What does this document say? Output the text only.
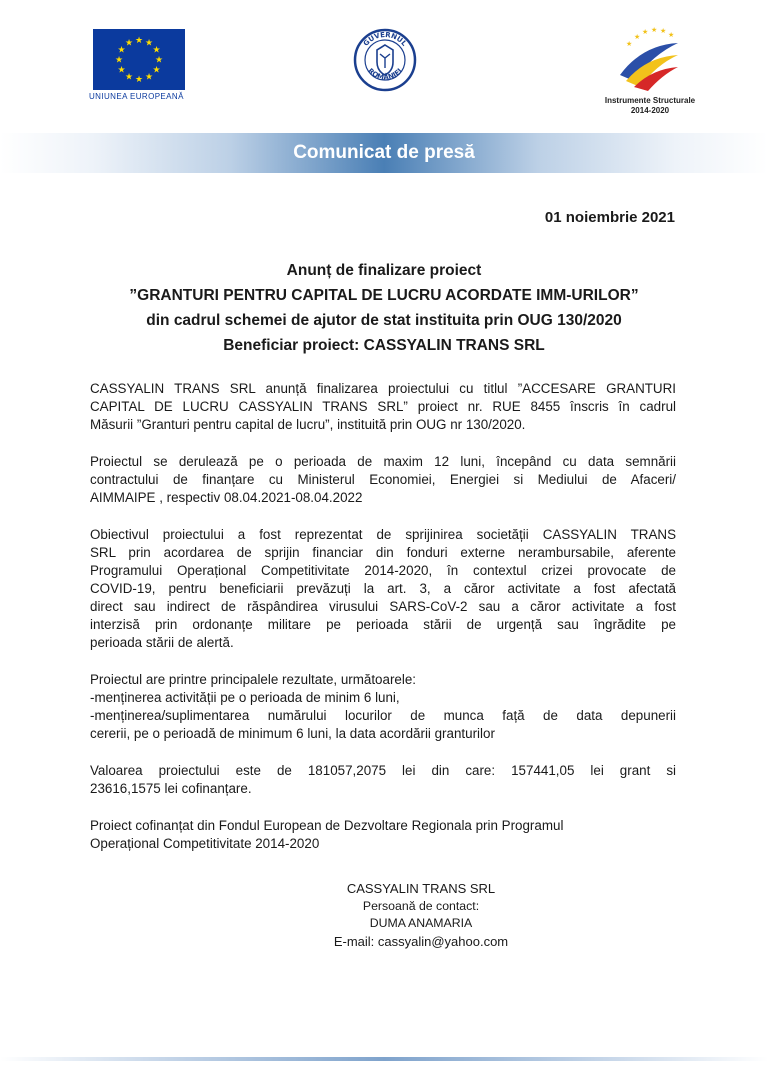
★ ★
★
★
★
★
★
★
★
★
★
★
UNIUNEA EUROPEANĂ
GUVERNUL
ROMÂNIEI
★
★ ★ ★ ★
★
Instrumente Structurale
2014-2020
Comunicat de presă
01 noiembrie 2021
Anunț de finalizare proiect
”GRANTURI PENTRU CAPITAL DE LUCRU ACORDATE IMM-URILOR”
din cadrul schemei de ajutor de stat instituita prin OUG 130/2020
Beneficiar proiect: CASSYALIN TRANS SRL
CASSYALIN TRANS SRL anunță finalizarea proiectului cu titlul ”ACCESARE GRANTURI
CAPITAL DE LUCRU CASSYALIN TRANS SRL” proiect nr. RUE 8455 înscris în cadrul
Măsurii ”Granturi pentru capital de lucru”, instituită prin OUG nr 130/2020.
Proiectul se derulează pe o perioada de maxim 12 luni, începând cu data semnării
contractului de finanțare cu Ministerul Economiei, Energiei si Mediului de Afaceri/
AIMMAIPE , respectiv 08.04.2021-08.04.2022
Obiectivul proiectului a fost reprezentat de sprijinirea societății CASSYALIN TRANS
SRL prin acordarea de sprijin financiar din fonduri externe nerambursabile, aferente
Programului Operațional Competitivitate 2014-2020, în contextul crizei provocate de
COVID-19, pentru beneficiarii prevăzuți la art. 3, a căror activitate a fost afectată
direct sau indirect de răspândirea virusului SARS-CoV-2 sau a căror activitate a fost
interzisă prin ordonanțe militare pe perioada stării de urgență sau îngrădite pe
perioada stării de alertă.
Proiectul are printre principalele rezultate, următoarele:
-menținerea activității pe o perioada de minim 6 luni,
-menținerea/suplimentarea numărului locurilor de munca față de data depunerii
cererii, pe o perioadă de minimum 6 luni, la data acordării granturilor
Valoarea proiectului este de 181057,2075 lei din care: 157441,05 lei grant si
23616,1575 lei cofinanțare.
Proiect cofinanțat din Fondul European de Dezvoltare Regionala prin Programul
Operațional Competitivitate 2014-2020
CASSYALIN TRANS SRL
Persoană de contact:
DUMA ANAMARIA
E-mail: cassyalin@yahoo.com
